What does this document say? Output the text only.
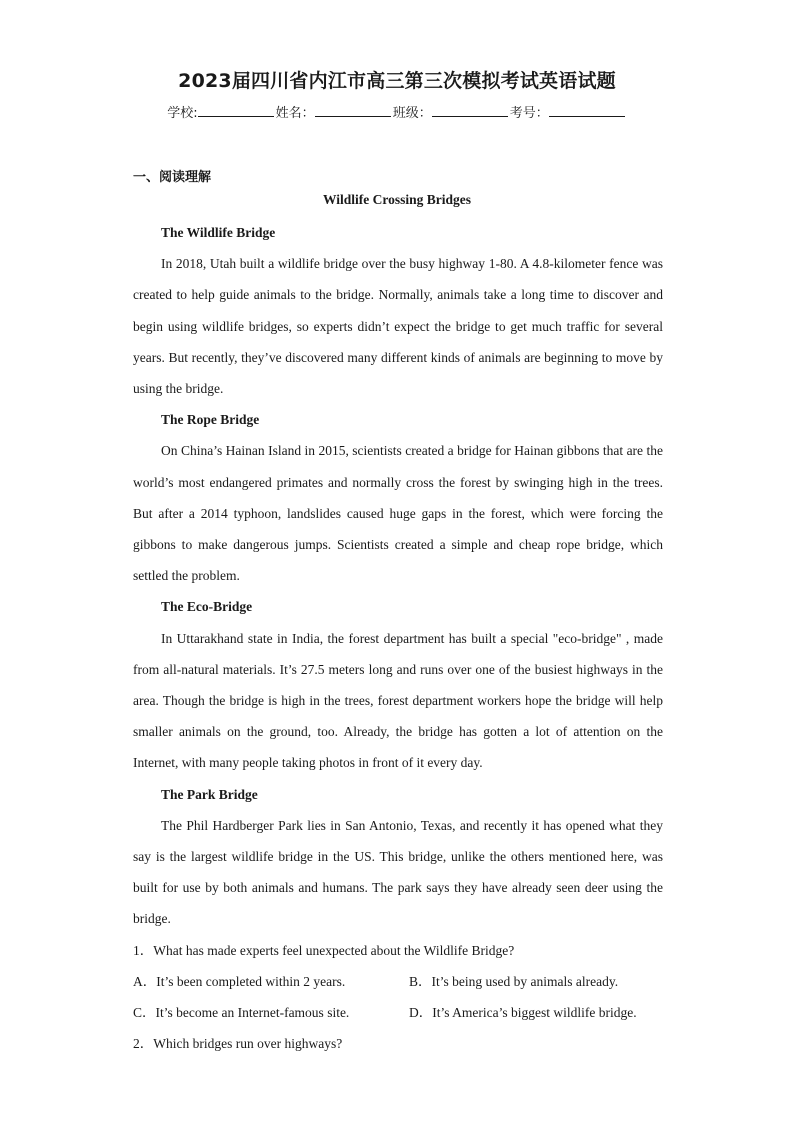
2023届四川省内江市高三第三次模拟考试英语试题
学校:	姓名：	班级：	考号：
一、阅读理解
Wildlife Crossing Bridges

The Wildlife Bridge

In 2018, Utah built a wildlife bridge over the busy highway 1-80. A 4.8-kilometer fence was created to help guide animals to the bridge. Normally, animals take a long time to discover and begin using wildlife bridges, so experts didn’t expect the bridge to get much traffic for several years. But recently, they’ve discovered many different kinds of animals are beginning to move by using the bridge.

The Rope Bridge

On China’s Hainan Island in 2015, scientists created a bridge for Hainan gibbons that are the world’s most endangered primates and normally cross the forest by swinging high in the trees. But after a 2014 typhoon, landslides caused huge gaps in the forest, which were forcing the gibbons to make dangerous jumps. Scientists created a simple and cheap rope bridge, which settled the problem.

The Eco-Bridge

In Uttarakhand state in India, the forest department has built a special "eco-bridge" , made from all-natural materials. It’s 27.5 meters long and runs over one of the busiest highways in the area. Though the bridge is high in the trees, forest department workers hope the bridge will help smaller animals on the ground, too. Already, the bridge has gotten a lot of attention on the Internet, with many people taking photos in front of it every day.

The Park Bridge

The Phil Hardberger Park lies in San Antonio, Texas, and recently it has opened what they say is the largest wildlife bridge in the US. This bridge, unlike the others mentioned here, was built for use by both animals and humans. The park says they have already seen deer using the bridge.

1．What has made experts feel unexpected about the Wildlife Bridge?

A．It’s been completed within 2 years.	B．It’s being used by animals already.
C．It’s become an Internet-famous site.	D．It’s America’s biggest wildlife bridge.

2．Which bridges run over highways?
